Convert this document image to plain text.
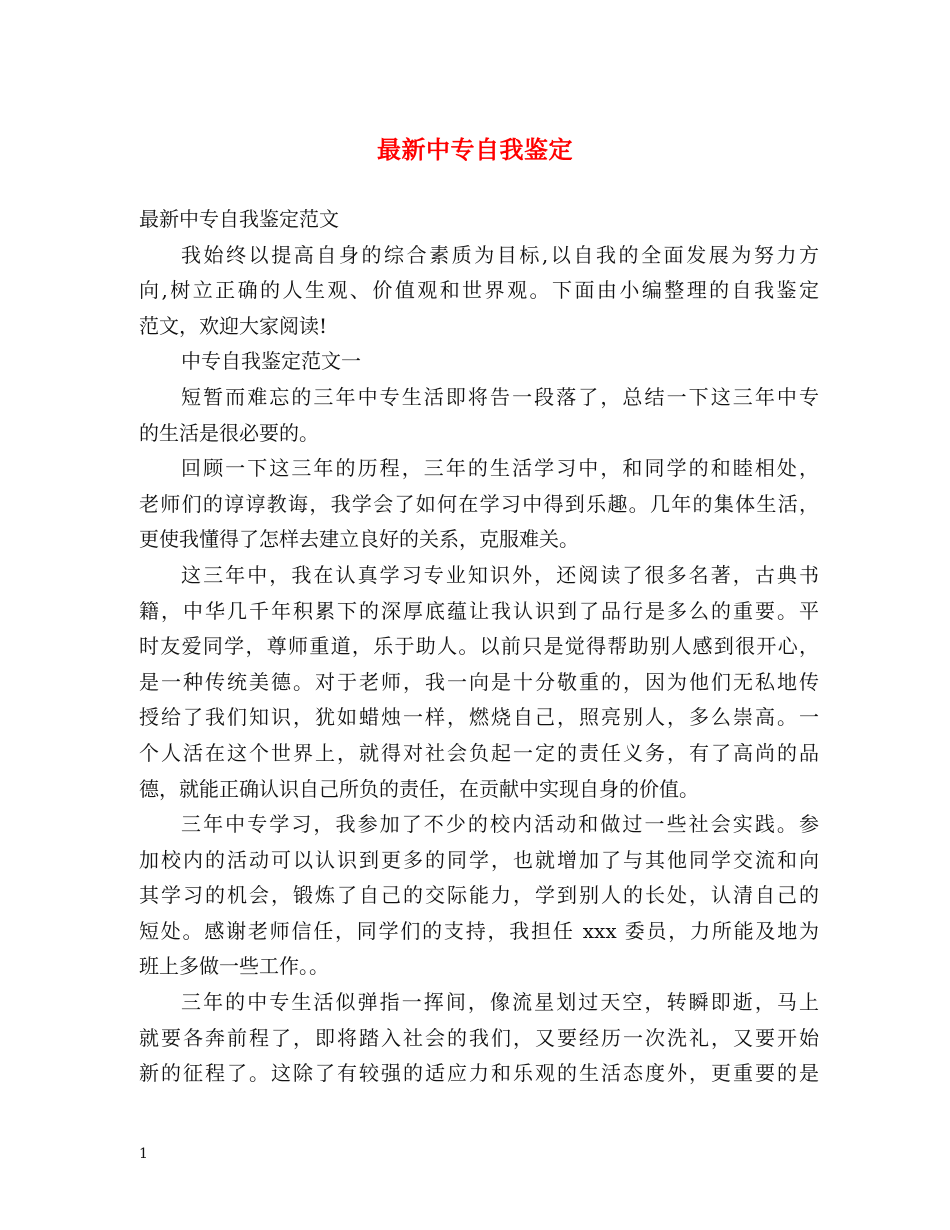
最新中专自我鉴定
最新中专自我鉴定范文
我始终以提高自身的综合素质为目标,以自我的全面发展为努力方
向,树立正确的人生观、价值观和世界观。下面由小编整理的自我鉴定
范文，欢迎大家阅读!
中专自我鉴定范文一
短暂而难忘的三年中专生活即将告一段落了，总结一下这三年中专
的生活是很必要的。
回顾一下这三年的历程，三年的生活学习中，和同学的和睦相处，
老师们的谆谆教诲，我学会了如何在学习中得到乐趣。几年的集体生活，
更使我懂得了怎样去建立良好的关系，克服难关。
这三年中，我在认真学习专业知识外，还阅读了很多名著，古典书
籍，中华几千年积累下的深厚底蕴让我认识到了品行是多么的重要。平
时友爱同学，尊师重道，乐于助人。以前只是觉得帮助别人感到很开心，
是一种传统美德。对于老师，我一向是十分敬重的，因为他们无私地传
授给了我们知识，犹如蜡烛一样，燃烧自己，照亮别人，多么崇高。一
个人活在这个世界上，就得对社会负起一定的责任义务，有了高尚的品
德，就能正确认识自己所负的责任，在贡献中实现自身的价值。
三年中专学习，我参加了不少的校内活动和做过一些社会实践。参
加校内的活动可以认识到更多的同学，也就增加了与其他同学交流和向
其学习的机会，锻炼了自己的交际能力，学到别人的长处，认清自己的
短处。感谢老师信任，同学们的支持，我担任 xxx 委员，力所能及地为
班上多做一些工作。。
三年的中专生活似弹指一挥间，像流星划过天空，转瞬即逝，马上
就要各奔前程了，即将踏入社会的我们，又要经历一次洗礼，又要开始
新的征程了。这除了有较强的适应力和乐观的生活态度外，更重要的是
1
